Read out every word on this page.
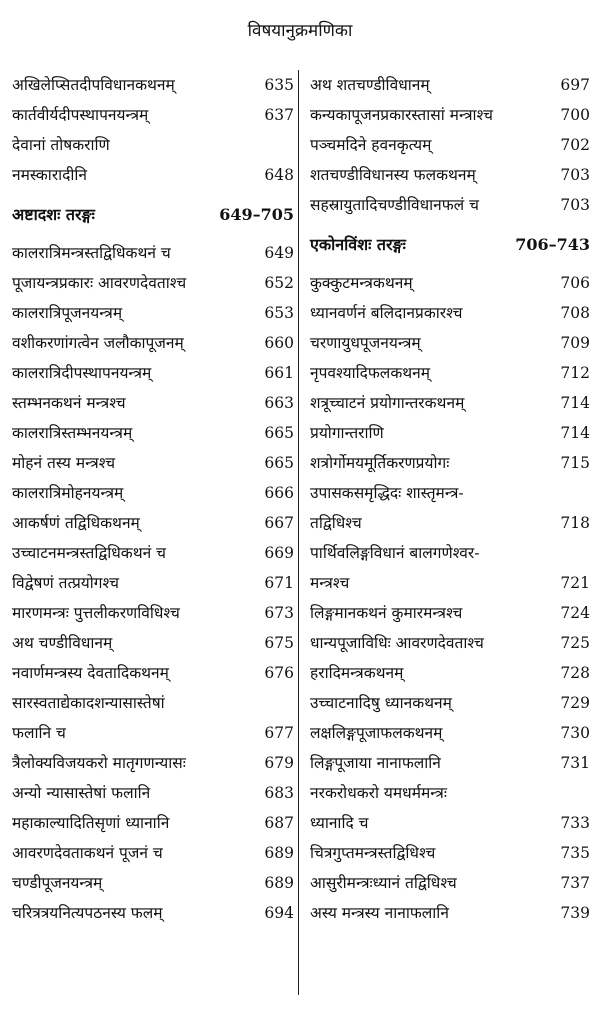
विषयानुक्रमणिका
अखिलेप्सितदीपविधानकथनम्	635
कार्तवीर्यदीपस्थापनयन्त्रम्	637
देवानां तोषकराणि
नमस्कारादीनि	648
अष्टादशः तरङ्गः	649–705
कालरात्रिमन्त्रस्तद्विधिकथनं च	649
पूजायन्त्रप्रकारः आवरणदेवताश्च	652
कालरात्रिपूजनयन्त्रम्	653
वशीकरणांगत्वेन जलौकापूजनम्	660
कालरात्रिदीपस्थापनयन्त्रम्	661
स्तम्भनकथनं मन्त्रश्च	663
कालरात्रिस्तम्भनयन्त्रम्	665
मोहनं तस्य मन्त्रश्च	665
कालरात्रिमोहनयन्त्रम्	666
आकर्षणं तद्विधिकथनम्	667
उच्चाटनमन्त्रस्तद्विधिकथनं च	669
विद्वेषणं तत्प्रयोगश्च	671
मारणमन्त्रः पुत्तलीकरणविधिश्च	673
अथ चण्डीविधानम्	675
नवार्णमन्त्रस्य देवतादिकथनम्	676
सारस्वताद्येकादशन्यासास्तेषां
फलानि च	677
त्रैलोक्यविजयकरो मातृगणन्यासः	679
अन्यो न्यासास्तेषां फलानि	683
महाकाल्यादितिसृणां ध्यानानि	687
आवरणदेवताकथनं पूजनं च	689
चण्डीपूजनयन्त्रम्	689
चरित्रत्रयनित्यपठनस्य फलम्	694
अथ शतचण्डीविधानम्	697
कन्यकापूजनप्रकारस्तासां मन्त्राश्च	700
पञ्चमदिने हवनकृत्यम्	702
शतचण्डीविधानस्य फलकथनम्	703
सहस्रायुतादिचण्डीविधानफलं च	703
एकोनविंशः तरङ्गः	706–743
कुक्कुटमन्त्रकथनम्	706
ध्यानवर्णनं बलिदानप्रकारश्च	708
चरणायुधपूजनयन्त्रम्	709
नृपवश्यादिफलकथनम्	712
शत्रूच्चाटनं प्रयोगान्तरकथनम्	714
प्रयोगान्तराणि	714
शत्रोर्गोमयमूर्तिकरणप्रयोगः	715
उपासकसमृद्धिदः शास्तृमन्त्र-
तद्विधिश्च	718
पार्थिवलिङ्गविधानं बालगणेश्वर-
मन्त्रश्च	721
लिङ्गमानकथनं कुमारमन्त्रश्च	724
धान्यपूजाविधिः आवरणदेवताश्च	725
हरादिमन्त्रकथनम्	728
उच्चाटनादिषु ध्यानकथनम्	729
लक्षलिङ्गपूजाफलकथनम्	730
लिङ्गपूजाया नानाफलानि	731
नरकरोधकरो यमधर्ममन्त्रः
ध्यानादि च	733
चित्रगुप्तमन्त्रस्तद्विधिश्च	735
आसुरीमन्त्रःध्यानं तद्विधिश्च	737
अस्य मन्त्रस्य नानाफलानि	739
